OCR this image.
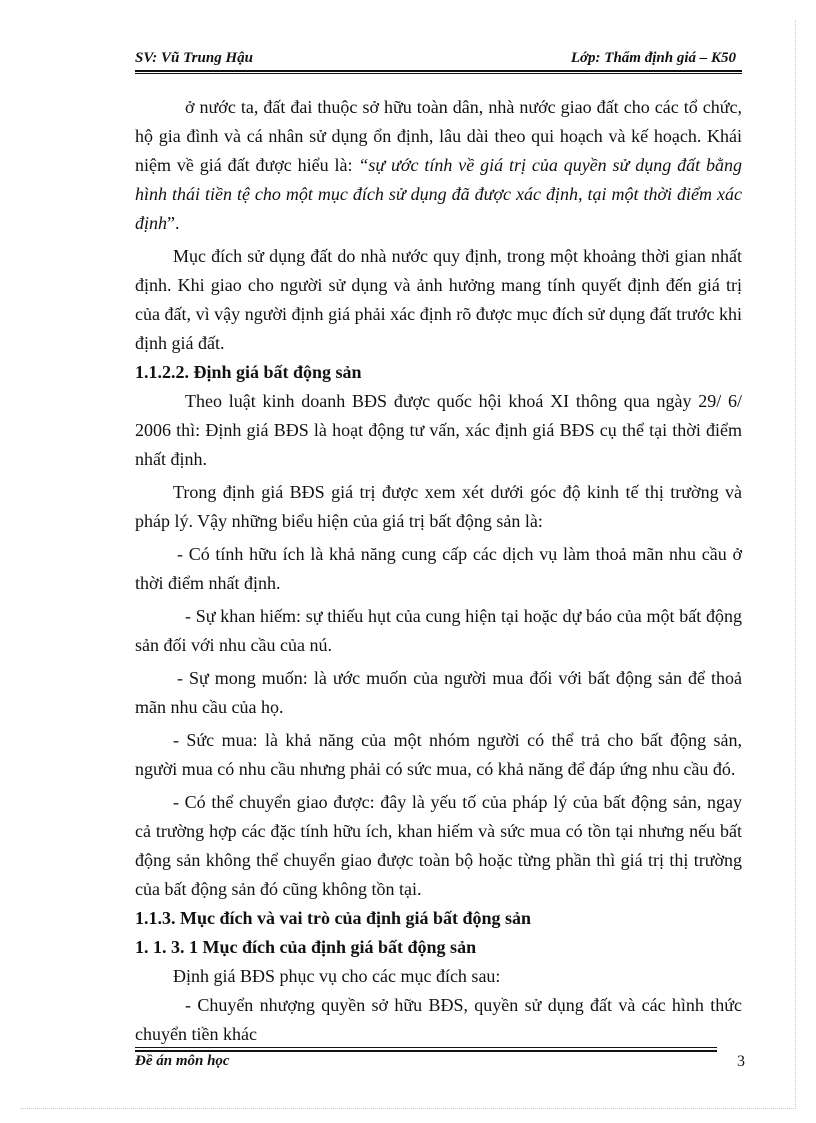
SV: Vũ Trung Hậu	Lớp: Thẩm định giá – K50

ở nước ta, đất đai thuộc sở hữu toàn dân, nhà nước giao đất cho các tổ chức, hộ gia đình và cá nhân sử dụng ổn định, lâu dài theo qui hoạch và kế hoạch. Khái niệm về giá đất được hiểu là: “sự ước tính về giá trị của quyền sử dụng đất bằng hình thái tiền tệ cho một mục đích sử dụng đã được xác định, tại một thời điểm xác định”.

Mục đích sử dụng đất do nhà nước quy định, trong một khoảng thời gian nhất định. Khi giao cho người sử dụng và ảnh hưởng mang tính quyết định đến giá trị của đất, vì vậy người định giá phải xác định rõ được mục đích sử dụng đất trước khi định giá đất.

1.1.2.2. Định giá bất động sản

Theo luật kinh doanh BĐS được quốc hội khoá XI thông qua ngày 29/ 6/ 2006 thì: Định giá BĐS là hoạt động tư vấn, xác định giá BĐS cụ thể tại thời điểm nhất định.

Trong định giá BĐS giá trị được xem xét dưới góc độ kinh tế thị trường và pháp lý. Vậy những biểu hiện của giá trị bất động sản là:

- Có tính hữu ích là khả năng cung cấp các dịch vụ làm thoả mãn nhu cầu ở thời điểm nhất định.

- Sự khan hiếm: sự thiếu hụt của cung hiện tại hoặc dự báo của một bất động sản đối với nhu cầu của nú.

- Sự mong muốn: là ước muốn của người mua đối với bất động sản để thoả mãn nhu cầu của họ.

- Sức mua: là khả năng của một nhóm người có thể trả cho bất động sản, người mua có nhu cầu nhưng phải có sức mua, có khả năng để đáp ứng nhu cầu đó.

- Có thể chuyển giao được: đây là yếu tố của pháp lý của bất động sản, ngay cả trường hợp các đặc tính hữu ích, khan hiếm và sức mua có tồn tại nhưng nếu bất động sản không thể chuyển giao được toàn bộ hoặc từng phần thì giá trị thị trường của bất động sản đó cũng không tồn tại.

1.1.3. Mục đích và vai trò của định giá bất động sản

1. 1. 3. 1 Mục đích của định giá bất động sản

Định giá BĐS phục vụ cho các mục đích sau:

- Chuyển nhượng quyền sở hữu BĐS, quyền sử dụng đất và các hình thức chuyển tiền khác

Đề án môn học	3
